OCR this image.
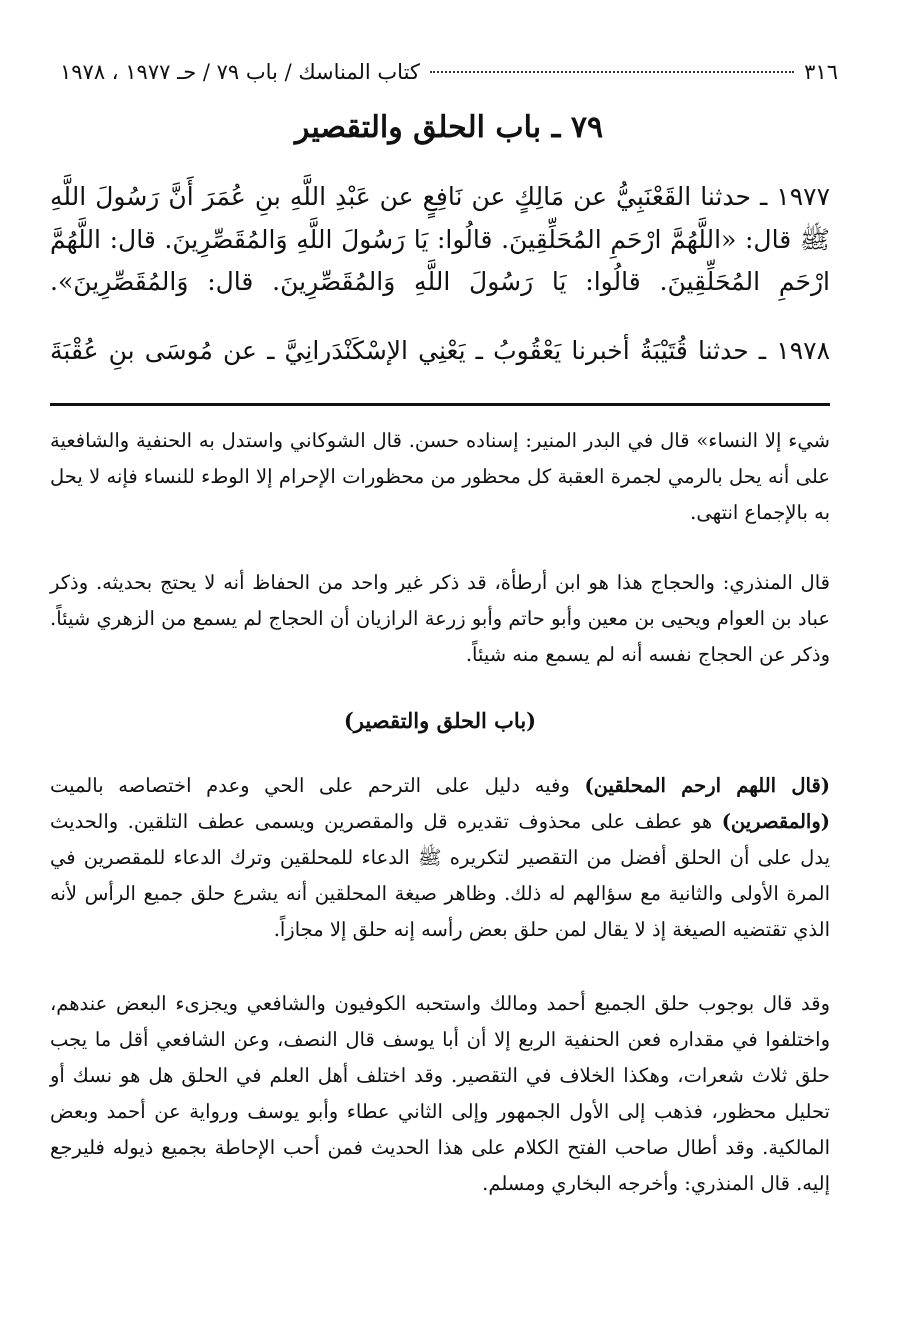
٣١٦
كتاب المناسك / باب ٧٩ / حـ ١٩٧٧ ، ١٩٧٨
٧٩ ـ باب الحلق والتقصير

١٩٧٧ ـ حدثنا القَعْنَبِيُّ عن مَالِكٍ عن نَافِعٍ عن عَبْدِ اللَّهِ بنِ عُمَرَ أَنَّ رَسُولَ اللَّهِ ﷺ قال: «اللَّهُمَّ ارْحَمِ المُحَلِّقِينَ. قالُوا: يَا رَسُولَ اللَّهِ وَالمُقَصِّرِينَ. قال: اللَّهُمَّ ارْحَمِ المُحَلِّقِينَ. قالُوا: يَا رَسُولَ اللَّهِ وَالمُقَصِّرِينَ. قال: وَالمُقَصِّرِينَ».

١٩٧٨ ـ حدثنا قُتَيْبَةُ أخبرنا يَعْقُوبُ ـ يَعْنِي الإسْكَنْدَرانِيَّ ـ عن مُوسَى بنِ عُقْبَةَ

شيء إلا النساء» قال في البدر المنير: إسناده حسن. قال الشوكاني واستدل به الحنفية والشافعية على أنه يحل بالرمي لجمرة العقبة كل محظور من محظورات الإحرام إلا الوطء للنساء فإنه لا يحل به بالإجماع انتهى.

قال المنذري: والحجاج هذا هو ابن أرطأة، قد ذكر غير واحد من الحفاظ أنه لا يحتج بحديثه. وذكر عباد بن العوام ويحيى بن معين وأبو حاتم وأبو زرعة الرازيان أن الحجاج لم يسمع من الزهري شيئاً. وذكر عن الحجاج نفسه أنه لم يسمع منه شيئاً.

(باب الحلق والتقصير)

(قال اللهم ارحم المحلقين) وفيه دليل على الترحم على الحي وعدم اختصاصه بالميت (والمقصرين) هو عطف على محذوف تقديره قل والمقصرين ويسمى عطف التلقين. والحديث يدل على أن الحلق أفضل من التقصير لتكريره ﷺ الدعاء للمحلقين وترك الدعاء للمقصرين في المرة الأولى والثانية مع سؤالهم له ذلك. وظاهر صيغة المحلقين أنه يشرع حلق جميع الرأس لأنه الذي تقتضيه الصيغة إذ لا يقال لمن حلق بعض رأسه إنه حلق إلا مجازاً.

وقد قال بوجوب حلق الجميع أحمد ومالك واستحبه الكوفيون والشافعي ويجزىء البعض عندهم، واختلفوا في مقداره فعن الحنفية الربع إلا أن أبا يوسف قال النصف، وعن الشافعي أقل ما يجب حلق ثلاث شعرات، وهكذا الخلاف في التقصير. وقد اختلف أهل العلم في الحلق هل هو نسك أو تحليل محظور، فذهب إلى الأول الجمهور وإلى الثاني عطاء وأبو يوسف ورواية عن أحمد وبعض المالكية. وقد أطال صاحب الفتح الكلام على هذا الحديث فمن أحب الإحاطة بجميع ذيوله فليرجع إليه. قال المنذري: وأخرجه البخاري ومسلم.
